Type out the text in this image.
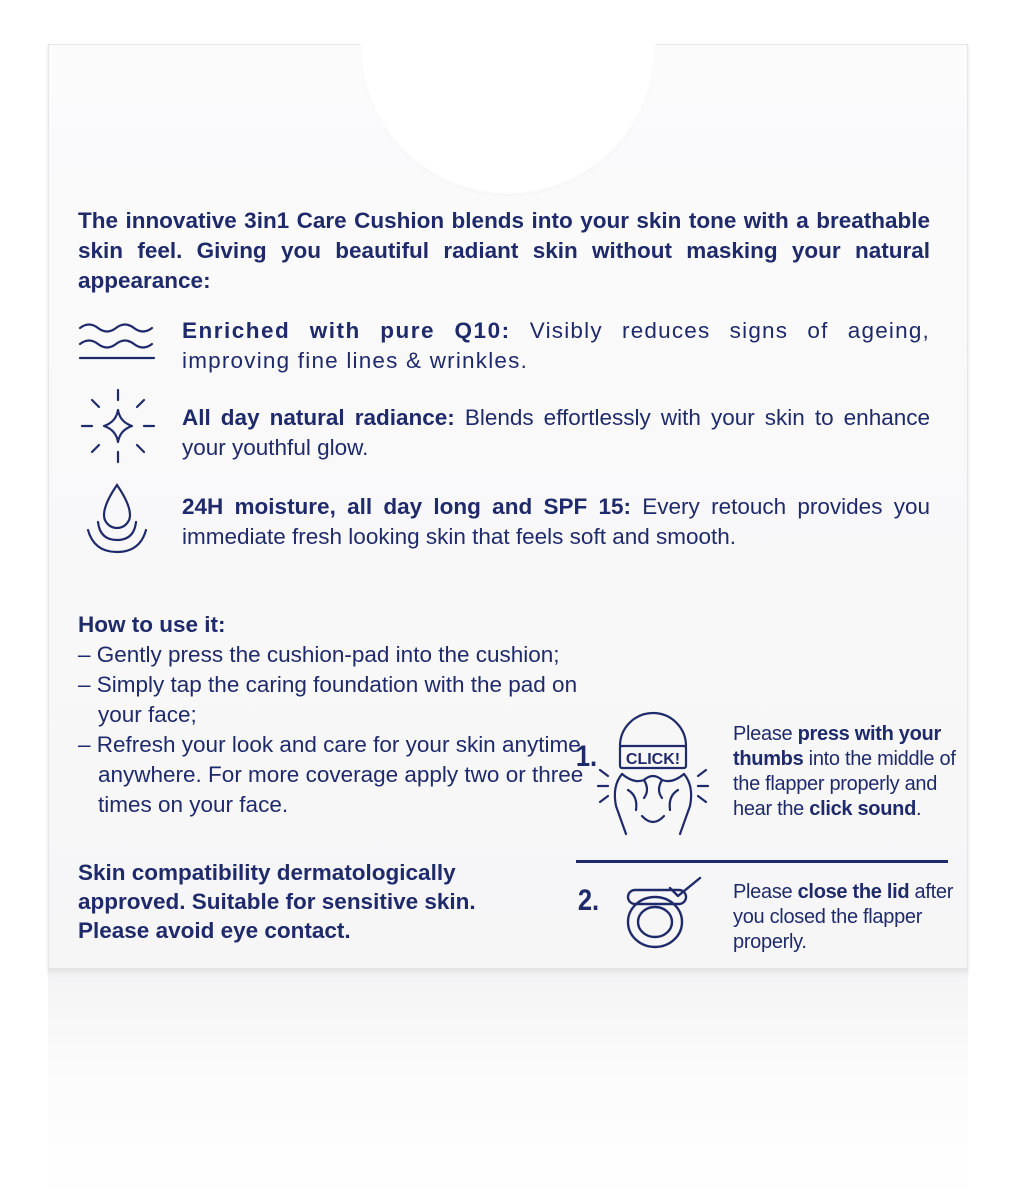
The innovative 3in1 Care Cushion blends into your skin tone with a breathable skin feel. Giving you beautiful radiant skin without masking your natural appearance:

Enriched with pure Q10: Visibly reduces signs of ageing, improving fine lines & wrinkles.

All day natural radiance: Blends effortlessly with your skin to enhance your youthful glow.

24H moisture, all day long and SPF 15: Every retouch provides you immediate fresh looking skin that feels soft and smooth.

How to use it:
– Gently press the cushion-pad into the cushion;
– Simply tap the caring foundation with the pad on your face;
– Refresh your look and care for your skin anytime, anywhere. For more coverage apply two or three times on your face.
Skin compatibility dermatologically approved. Suitable for sensitive skin. Please avoid eye contact.
1. CLICK!
Please press with your thumbs into the middle of the flapper properly and hear the click sound.
2.	Please close the lid after you closed the flapper properly.
